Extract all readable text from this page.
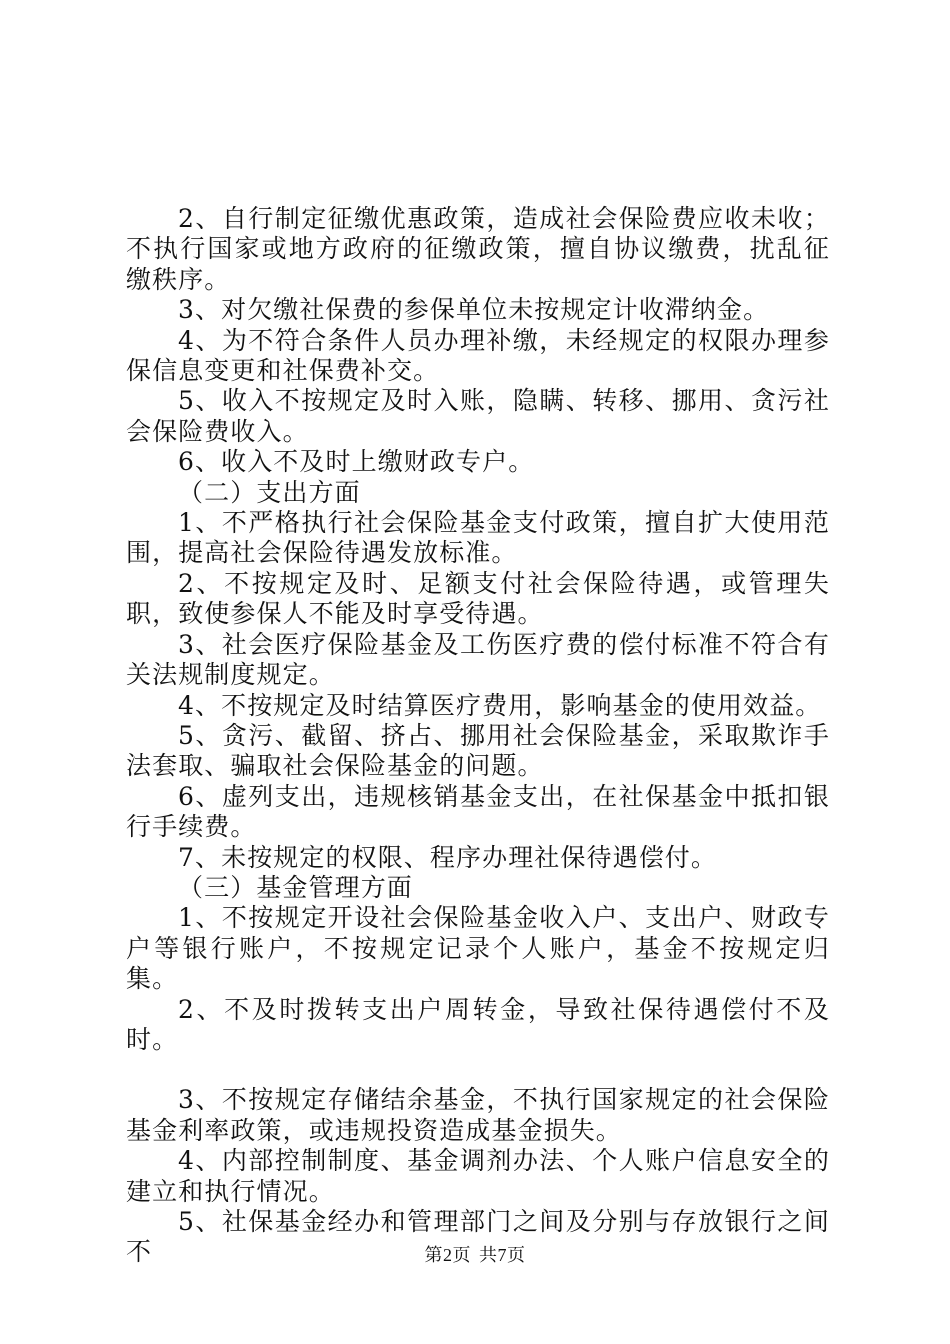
2、自行制定征缴优惠政策，造成社会保险费应收未收；不执行国家或地方政府的征缴政策，擅自协议缴费，扰乱征缴秩序。

3、对欠缴社保费的参保单位未按规定计收滞纳金。

4、为不符合条件人员办理补缴，未经规定的权限办理参保信息变更和社保费补交。

5、收入不按规定及时入账，隐瞒、转移、挪用、贪污社会保险费收入。

6、收入不及时上缴财政专户。

（二）支出方面

1、不严格执行社会保险基金支付政策，擅自扩大使用范围，提高社会保险待遇发放标准。

2、不按规定及时、足额支付社会保险待遇，或管理失职，致使参保人不能及时享受待遇。

3、社会医疗保险基金及工伤医疗费的偿付标准不符合有关法规制度规定。

4、不按规定及时结算医疗费用，影响基金的使用效益。

5、贪污、截留、挤占、挪用社会保险基金，采取欺诈手法套取、骗取社会保险基金的问题。

6、虚列支出，违规核销基金支出，在社保基金中抵扣银行手续费。

7、未按规定的权限、程序办理社保待遇偿付。

（三）基金管理方面

1、不按规定开设社会保险基金收入户、支出户、财政专户等银行账户，不按规定记录个人账户，基金不按规定归集。

2、不及时拨转支出户周转金，导致社保待遇偿付不及时。

3、不按规定存储结余基金，不执行国家规定的社会保险基金利率政策，或违规投资造成基金损失。

4、内部控制制度、基金调剂办法、个人账户信息安全的建立和执行情况。

5、社保基金经办和管理部门之间及分别与存放银行之间不	第2页 共7页
